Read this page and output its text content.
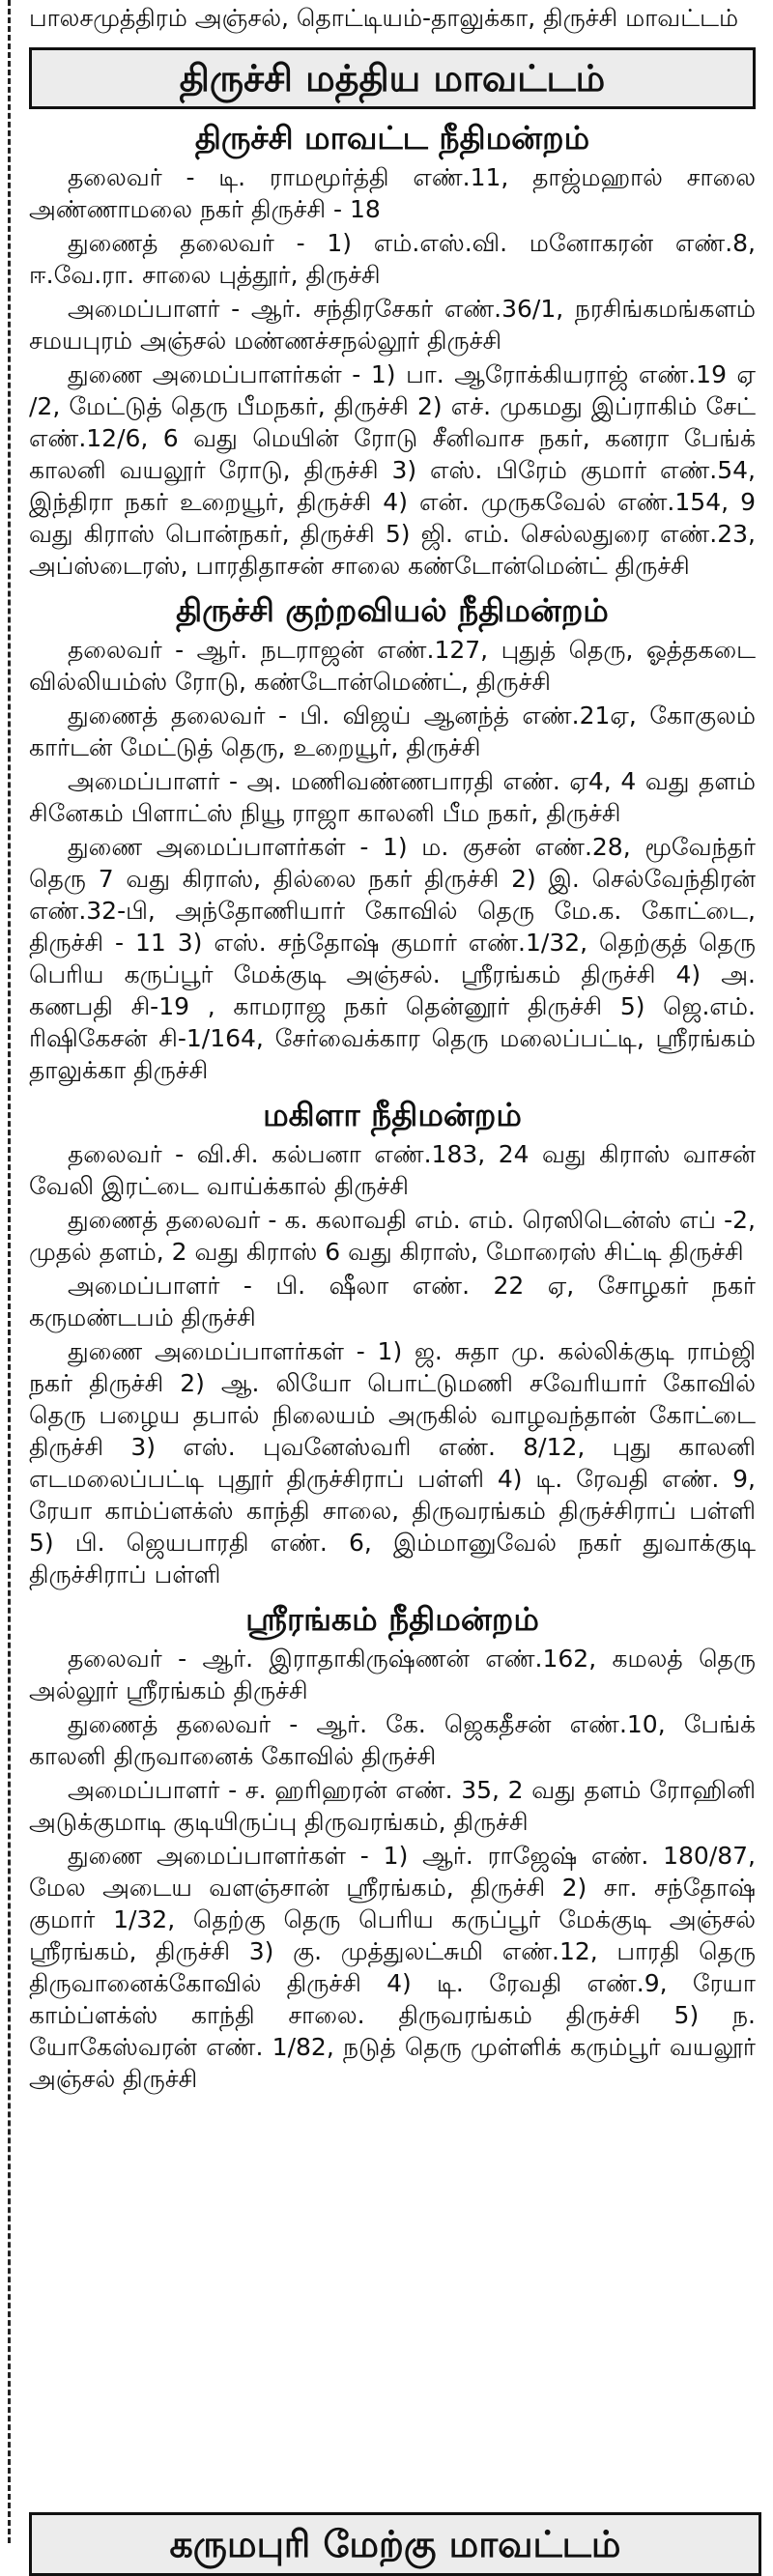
பாலசமுத்திரம் அஞ்சல், தொட்டியம்-தாலுக்கா, திருச்சி மாவட்டம்

திருச்சி மத்திய மாவட்டம்
திருச்சி மாவட்ட நீதிமன்றம்

தலைவர் - டி. ராமமூர்த்தி எண்.11, தாஜ்மஹால் சாலை அண்ணாமலை நகர் திருச்சி - 18

துணைத் தலைவர் - 1) எம்.எஸ்.வி. மனோகரன் எண்.8, ஈ.வே.ரா. சாலை புத்தூர், திருச்சி

அமைப்பாளர் - ஆர். சந்திரசேகர் எண்.36/1, நரசிங்கமங்களம் சமயபுரம் அஞ்சல் மண்ணச்சநல்லூர் திருச்சி

துணை அமைப்பாளர்கள் - 1) பா. ஆரோக்கியராஜ் எண்.19 ஏ /2, மேட்டுத் தெரு பீமநகர், திருச்சி 2) எச். முகமது இப்ராகிம் சேட் எண்.12/6, 6 வது மெயின் ரோடு சீனிவாச நகர், கனரா பேங்க் காலனி வயலூர் ரோடு, திருச்சி 3) எஸ். பிரேம் குமார் எண்.54, இந்திரா நகர் உறையூர், திருச்சி 4) என். முருகவேல் எண்.154, 9 வது கிராஸ் பொன்நகர், திருச்சி 5) ஜி. எம். செல்லதுரை எண்.23, அப்ஸ்டைரஸ், பாரதிதாசன் சாலை கண்டோன்மென்ட் திருச்சி

திருச்சி குற்றவியல் நீதிமன்றம்

தலைவர் - ஆர். நடராஜன் எண்.127, புதுத் தெரு, ஓத்தகடை வில்லியம்ஸ் ரோடு, கண்டோன்மெண்ட், திருச்சி

துணைத் தலைவர் - பி. விஜய் ஆனந்த் எண்.21ஏ, கோகுலம் கார்டன் மேட்டுத் தெரு, உறையூர், திருச்சி

அமைப்பாளர் - அ. மணிவண்ணபாரதி எண். ஏ4, 4 வது தளம் சினேகம் பிளாட்ஸ் நியூ ராஜா காலனி பீம நகர், திருச்சி

துணை அமைப்பாளர்கள் - 1) ம. குசன் எண்.28, மூவேந்தர் தெரு 7 வது கிராஸ், தில்லை நகர் திருச்சி 2) இ. செல்வேந்திரன் எண்.32-பி, அந்தோணியார் கோவில் தெரு மே.க. கோட்டை, திருச்சி - 11 3) எஸ். சந்தோஷ் குமார் எண்.1/32, தெற்குத் தெரு பெரிய கருப்பூர் மேக்குடி அஞ்சல். ஸ்ரீரங்கம் திருச்சி 4) அ. கணபதி சி-19 , காமராஜ நகர் தென்னூர் திருச்சி 5) ஜெ.எம். ரிஷிகேசன் சி-1/164, சேர்வைக்கார தெரு மலைப்பட்டி, ஸ்ரீரங்கம் தாலுக்கா திருச்சி

மகிளா நீதிமன்றம்

தலைவர் - வி.சி. கல்பனா எண்.183, 24 வது கிராஸ் வாசன் வேலி இரட்டை வாய்க்கால் திருச்சி

துணைத் தலைவர் - க. கலாவதி எம். எம். ரெஸிடென்ஸ் எப் -2, முதல் தளம், 2 வது கிராஸ் 6 வது கிராஸ், மோரைஸ் சிட்டி திருச்சி

அமைப்பாளர் - பி. ஷீலா எண். 22 ஏ, சோழகர் நகர் கருமண்டபம் திருச்சி

துணை அமைப்பாளர்கள் - 1) ஜ. சுதா மு. கல்லிக்குடி ராம்ஜி நகர் திருச்சி 2) ஆ. லியோ பொட்டுமணி சவேரியார் கோவில் தெரு பழைய தபால் நிலையம் அருகில் வாழவந்தான் கோட்டை திருச்சி 3) எஸ். புவனேஸ்வரி எண். 8/12, புது காலனி எடமலைப்பட்டி புதூர் திருச்சிராப் பள்ளி 4) டி. ரேவதி எண். 9, ரேயா காம்ப்ளக்ஸ் காந்தி சாலை, திருவரங்கம் திருச்சிராப் பள்ளி 5) பி. ஜெயபாரதி எண். 6, இம்மானுவேல் நகர் துவாக்குடி திருச்சிராப் பள்ளி

ஸ்ரீரங்கம் நீதிமன்றம்

தலைவர் - ஆர். இராதாகிருஷ்ணன் எண்.162, கமலத் தெரு அல்லூர் ஸ்ரீரங்கம் திருச்சி

துணைத் தலைவர் - ஆர். கே. ஜெகதீசன் எண்.10, பேங்க் காலனி திருவானைக் கோவில் திருச்சி

அமைப்பாளர் - ச. ஹரிஹரன் எண். 35, 2 வது தளம் ரோஹினி அடுக்குமாடி குடியிருப்பு திருவரங்கம், திருச்சி

துணை அமைப்பாளர்கள் - 1) ஆர். ராஜேஷ் எண். 180/87, மேல அடைய வளஞ்சான் ஸ்ரீரங்கம், திருச்சி 2) சா. சந்தோஷ் குமார் 1/32, தெற்கு தெரு பெரிய கருப்பூர் மேக்குடி அஞ்சல் ஸ்ரீரங்கம், திருச்சி 3) கு. முத்துலட்சுமி எண்.12, பாரதி தெரு திருவானைக்கோவில் திருச்சி 4) டி. ரேவதி எண்.9, ரேயா காம்ப்ளக்ஸ் காந்தி சாலை. திருவரங்கம் திருச்சி 5) ந. யோகேஸ்வரன் எண். 1/82, நடுத் தெரு முள்ளிக் கரும்பூர் வயலூர் அஞ்சல் திருச்சி

கருமபுரி மேற்கு மாவட்டம்
